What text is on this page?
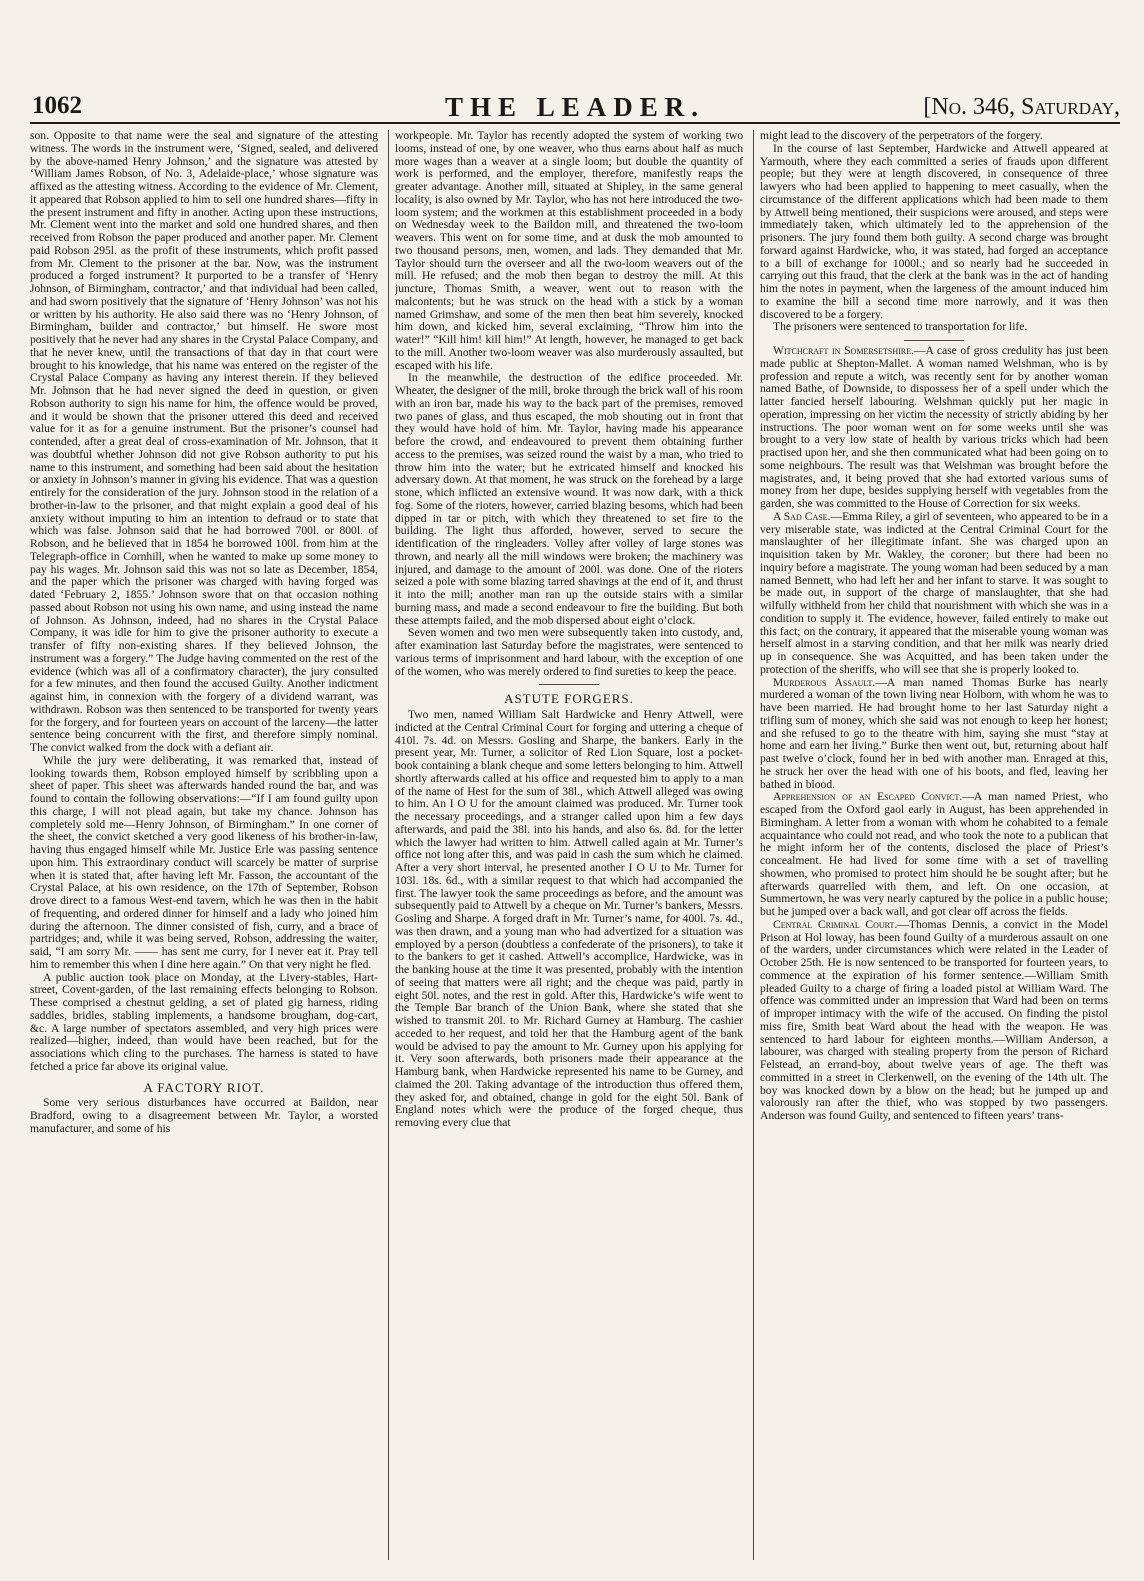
1062	THE LEADER.	[No. 346, Saturday,

son. Opposite to that name were the seal and signature of the attesting witness. The words in the instrument were, ‘Signed, sealed, and delivered by the above-named Henry Johnson,’ and the signature was attested by ‘William James Robson, of No. 3, Adelaide-place,’ whose signature was affixed as the attesting witness. According to the evidence of Mr. Clement, it appeared that Robson applied to him to sell one hundred shares—fifty in the present instrument and fifty in another. Acting upon these instructions, Mr. Clement went into the market and sold one hundred shares, and then received from Robson the paper produced and another paper. Mr. Clement paid Robson 295l. as the profit of these instruments, which profit passed from Mr. Clement to the prisoner at the bar. Now, was the instrument produced a forged instrument? It purported to be a transfer of ‘Henry Johnson, of Birmingham, contractor,’ and that individual had been called, and had sworn positively that the signature of ‘Henry Johnson’ was not his or written by his authority. He also said there was no ‘Henry Johnson, of Birmingham, builder and contractor,’ but himself. He swore most positively that he never had any shares in the Crystal Palace Company, and that he never knew, until the transactions of that day in that court were brought to his knowledge, that his name was entered on the register of the Crystal Palace Company as having any interest therein. If they believed Mr. Johnson that he had never signed the deed in question, or given Robson authority to sign his name for him, the offence would be proved, and it would be shown that the prisoner uttered this deed and received value for it as for a genuine instrument. But the prisoner’s counsel had contended, after a great deal of cross-examination of Mr. Johnson, that it was doubtful whether Johnson did not give Robson authority to put his name to this instrument, and something had been said about the hesitation or anxiety in Johnson’s manner in giving his evidence. That was a question entirely for the consideration of the jury. Johnson stood in the relation of a brother-in-law to the prisoner, and that might explain a good deal of his anxiety without imputing to him an intention to defraud or to state that which was false. Johnson said that he had borrowed 700l. or 800l. of Robson, and he believed that in 1854 he borrowed 100l. from him at the Telegraph-office in Cornhill, when he wanted to make up some money to pay his wages. Mr. Johnson said this was not so late as December, 1854, and the paper which the prisoner was charged with having forged was dated ‘February 2, 1855.’ Johnson swore that on that occasion nothing passed about Robson not using his own name, and using instead the name of Johnson. As Johnson, indeed, had no shares in the Crystal Palace Company, it was idle for him to give the prisoner authority to execute a transfer of fifty non-existing shares. If they believed Johnson, the instrument was a forgery.” The Judge having commented on the rest of the evidence (which was all of a confirmatory character), the jury consulted for a few minutes, and then found the accused Guilty. Another indictment against him, in connexion with the forgery of a dividend warrant, was withdrawn. Robson was then sentenced to be transported for twenty years for the forgery, and for fourteen years on account of the larceny—the latter sentence being concurrent with the first, and therefore simply nominal. The convict walked from the dock with a defiant air.

While the jury were deliberating, it was remarked that, instead of looking towards them, Robson employed himself by scribbling upon a sheet of paper. This sheet was afterwards handed round the bar, and was found to contain the following observations:—“If I am found guilty upon this charge, I will not plead again, but take my chance. Johnson has completely sold me—Henry Johnson, of Birmingham.” In one corner of the sheet, the convict sketched a very good likeness of his brother-in-law, having thus engaged himself while Mr. Justice Erle was passing sentence upon him. This extraordinary conduct will scarcely be matter of surprise when it is stated that, after having left Mr. Fasson, the accountant of the Crystal Palace, at his own residence, on the 17th of September, Robson drove direct to a famous West-end tavern, which he was then in the habit of frequenting, and ordered dinner for himself and a lady who joined him during the afternoon. The dinner consisted of fish, curry, and a brace of partridges; and, while it was being served, Robson, addressing the waiter, said, “I am sorry Mr. —— has sent me curry, for I never eat it. Pray tell him to remember this when I dine here again.” On that very night he fled.

A public auction took place on Monday, at the Livery-stables, Hart-street, Covent-garden, of the last remaining effects belonging to Robson. These comprised a chestnut gelding, a set of plated gig harness, riding saddles, bridles, stabling implements, a handsome brougham, dog-cart, &c. A large number of spectators assembled, and very high prices were realized—higher, indeed, than would have been reached, but for the associations which cling to the purchases. The harness is stated to have fetched a price far above its original value.

A FACTORY RIOT.

Some very serious disturbances have occurred at Baildon, near Bradford, owing to a disagreement between Mr. Taylor, a worsted manufacturer, and some of his

workpeople. Mr. Taylor has recently adopted the system of working two looms, instead of one, by one weaver, who thus earns about half as much more wages than a weaver at a single loom; but double the quantity of work is performed, and the employer, therefore, manifestly reaps the greater advantage. Another mill, situated at Shipley, in the same general locality, is also owned by Mr. Taylor, who has not here introduced the two-loom system; and the workmen at this establishment proceeded in a body on Wednesday week to the Baildon mill, and threatened the two-loom weavers. This went on for some time, and at dusk the mob amounted to two thousand persons, men, women, and lads. They demanded that Mr. Taylor should turn the overseer and all the two-loom weavers out of the mill. He refused; and the mob then began to destroy the mill. At this juncture, Thomas Smith, a weaver, went out to reason with the malcontents; but he was struck on the head with a stick by a woman named Grimshaw, and some of the men then beat him severely, knocked him down, and kicked him, several exclaiming, “Throw him into the water!” “Kill him! kill him!” At length, however, he managed to get back to the mill. Another two-loom weaver was also murderously assaulted, but escaped with his life.

In the meanwhile, the destruction of the edifice proceeded. Mr. Wheater, the designer of the mill, broke through the brick wall of his room with an iron bar, made his way to the back part of the premises, removed two panes of glass, and thus escaped, the mob shouting out in front that they would have hold of him. Mr. Taylor, having made his appearance before the crowd, and endeavoured to prevent them obtaining further access to the premises, was seized round the waist by a man, who tried to throw him into the water; but he extricated himself and knocked his adversary down. At that moment, he was struck on the forehead by a large stone, which inflicted an extensive wound. It was now dark, with a thick fog. Some of the rioters, however, carried blazing besoms, which had been dipped in tar or pitch, with which they threatened to set fire to the building. The light thus afforded, however, served to secure the identification of the ringleaders. Volley after volley of large stones was thrown, and nearly all the mill windows were broken; the machinery was injured, and damage to the amount of 200l. was done. One of the rioters seized a pole with some blazing tarred shavings at the end of it, and thrust it into the mill; another man ran up the outside stairs with a similar burning mass, and made a second endeavour to fire the building. But both these attempts failed, and the mob dispersed about eight o’clock.

Seven women and two men were subsequently taken into custody, and, after examination last Saturday before the magistrates, were sentenced to various terms of imprisonment and hard labour, with the exception of one of the women, who was merely ordered to find sureties to keep the peace.

ASTUTE FORGERS.

Two men, named William Salt Hardwicke and Henry Attwell, were indicted at the Central Criminal Court for forging and uttering a cheque of 410l. 7s. 4d. on Messrs. Gosling and Sharpe, the bankers. Early in the present year, Mr. Turner, a solicitor of Red Lion Square, lost a pocket-book containing a blank cheque and some letters belonging to him. Attwell shortly afterwards called at his office and requested him to apply to a man of the name of Hest for the sum of 38l., which Attwell alleged was owing to him. An I O U for the amount claimed was produced. Mr. Turner took the necessary proceedings, and a stranger called upon him a few days afterwards, and paid the 38l. into his hands, and also 6s. 8d. for the letter which the lawyer had written to him. Attwell called again at Mr. Turner’s office not long after this, and was paid in cash the sum which he claimed. After a very short interval, he presented another I O U to Mr. Turner for 103l. 18s. 6d., with a similar request to that which had accompanied the first. The lawyer took the same proceedings as before, and the amount was subsequently paid to Attwell by a cheque on Mr. Turner’s bankers, Messrs. Gosling and Sharpe. A forged draft in Mr. Turner’s name, for 400l. 7s. 4d., was then drawn, and a young man who had advertized for a situation was employed by a person (doubtless a confederate of the prisoners), to take it to the bankers to get it cashed. Attwell’s accomplice, Hardwicke, was in the banking house at the time it was presented, probably with the intention of seeing that matters were all right; and the cheque was paid, partly in eight 50l. notes, and the rest in gold. After this, Hardwicke’s wife went to the Temple Bar branch of the Union Bank, where she stated that she wished to transmit 20l. to Mr. Richard Gurney at Hamburg. The cashier acceded to her request, and told her that the Hamburg agent of the bank would be advised to pay the amount to Mr. Gurney upon his applying for it. Very soon afterwards, both prisoners made their appearance at the Hamburg bank, when Hardwicke represented his name to be Gurney, and claimed the 20l. Taking advantage of the introduction thus offered them, they asked for, and obtained, change in gold for the eight 50l. Bank of England notes which were the produce of the forged cheque, thus removing every clue that

might lead to the discovery of the perpetrators of the forgery.

In the course of last September, Hardwicke and Attwell appeared at Yarmouth, where they each committed a series of frauds upon different people; but they were at length discovered, in consequence of three lawyers who had been applied to happening to meet casually, when the circumstance of the different applications which had been made to them by Attwell being mentioned, their suspicions were aroused, and steps were immediately taken, which ultimately led to the apprehension of the prisoners. The jury found them both guilty. A second charge was brought forward against Hardwicke, who, it was stated, had forged an acceptance to a bill of exchange for 1000l.; and so nearly had he succeeded in carrying out this fraud, that the clerk at the bank was in the act of handing him the notes in payment, when the largeness of the amount induced him to examine the bill a second time more narrowly, and it was then discovered to be a forgery.

The prisoners were sentenced to transportation for life.

Witchcraft in Somersetshire.—A case of gross credulity has just been made public at Shepton-Mallet. A woman named Welshman, who is by profession and repute a witch, was recently sent for by another woman named Bathe, of Downside, to dispossess her of a spell under which the latter fancied herself labouring. Welshman quickly put her magic in operation, impressing on her victim the necessity of strictly abiding by her instructions. The poor woman went on for some weeks until she was brought to a very low state of health by various tricks which had been practised upon her, and she then communicated what had been going on to some neighbours. The result was that Welshman was brought before the magistrates, and, it being proved that she had extorted various sums of money from her dupe, besides supplying herself with vegetables from the garden, she was committed to the House of Correction for six weeks.

A Sad Case.—Emma Riley, a girl of seventeen, who appeared to be in a very miserable state, was indicted at the Central Criminal Court for the manslaughter of her illegitimate infant. She was charged upon an inquisition taken by Mr. Wakley, the coroner; but there had been no inquiry before a magistrate. The young woman had been seduced by a man named Bennett, who had left her and her infant to starve. It was sought to be made out, in support of the charge of manslaughter, that she had wilfully withheld from her child that nourishment with which she was in a condition to supply it. The evidence, however, failed entirely to make out this fact; on the contrary, it appeared that the miserable young woman was herself almost in a starving condition, and that her milk was nearly dried up in consequence. She was Acquitted, and has been taken under the protection of the sheriffs, who will see that she is properly looked to.

Murderous Assault.—A man named Thomas Burke has nearly murdered a woman of the town living near Holborn, with whom he was to have been married. He had brought home to her last Saturday night a trifling sum of money, which she said was not enough to keep her honest; and she refused to go to the theatre with him, saying she must “stay at home and earn her living.” Burke then went out, but, returning about half past twelve o’clock, found her in bed with another man. Enraged at this, he struck her over the head with one of his boots, and fled, leaving her bathed in blood.

Apprehension of an Escaped Convict.—A man named Priest, who escaped from the Oxford gaol early in August, has been apprehended in Birmingham. A letter from a woman with whom he cohabited to a female acquaintance who could not read, and who took the note to a publican that he might inform her of the contents, disclosed the place of Priest’s concealment. He had lived for some time with a set of travelling showmen, who promised to protect him should he be sought after; but he afterwards quarrelled with them, and left. On one occasion, at Summertown, he was very nearly captured by the police in a public house; but he jumped over a back wall, and got clear off across the fields.

Central Criminal Court.—Thomas Dennis, a convict in the Model Prison at Hol loway, has been found Guilty of a murderous assault on one of the warders, under circumstances which were related in the Leader of October 25th. He is now sentenced to be transported for fourteen years, to commence at the expiration of his former sentence.—William Smith pleaded Guilty to a charge of firing a loaded pistol at William Ward. The offence was committed under an impression that Ward had been on terms of improper intimacy with the wife of the accused. On finding the pistol miss fire, Smith beat Ward about the head with the weapon. He was sentenced to hard labour for eighteen months.—William Anderson, a labourer, was charged with stealing property from the person of Richard Felstead, an errand-boy, about twelve years of age. The theft was committed in a street in Clerkenwell, on the evening of the 14th ult. The boy was knocked down by a blow on the head; but he jumped up and valorously ran after the thief, who was stopped by two passengers. Anderson was found Guilty, and sentenced to fifteen years’ trans-
